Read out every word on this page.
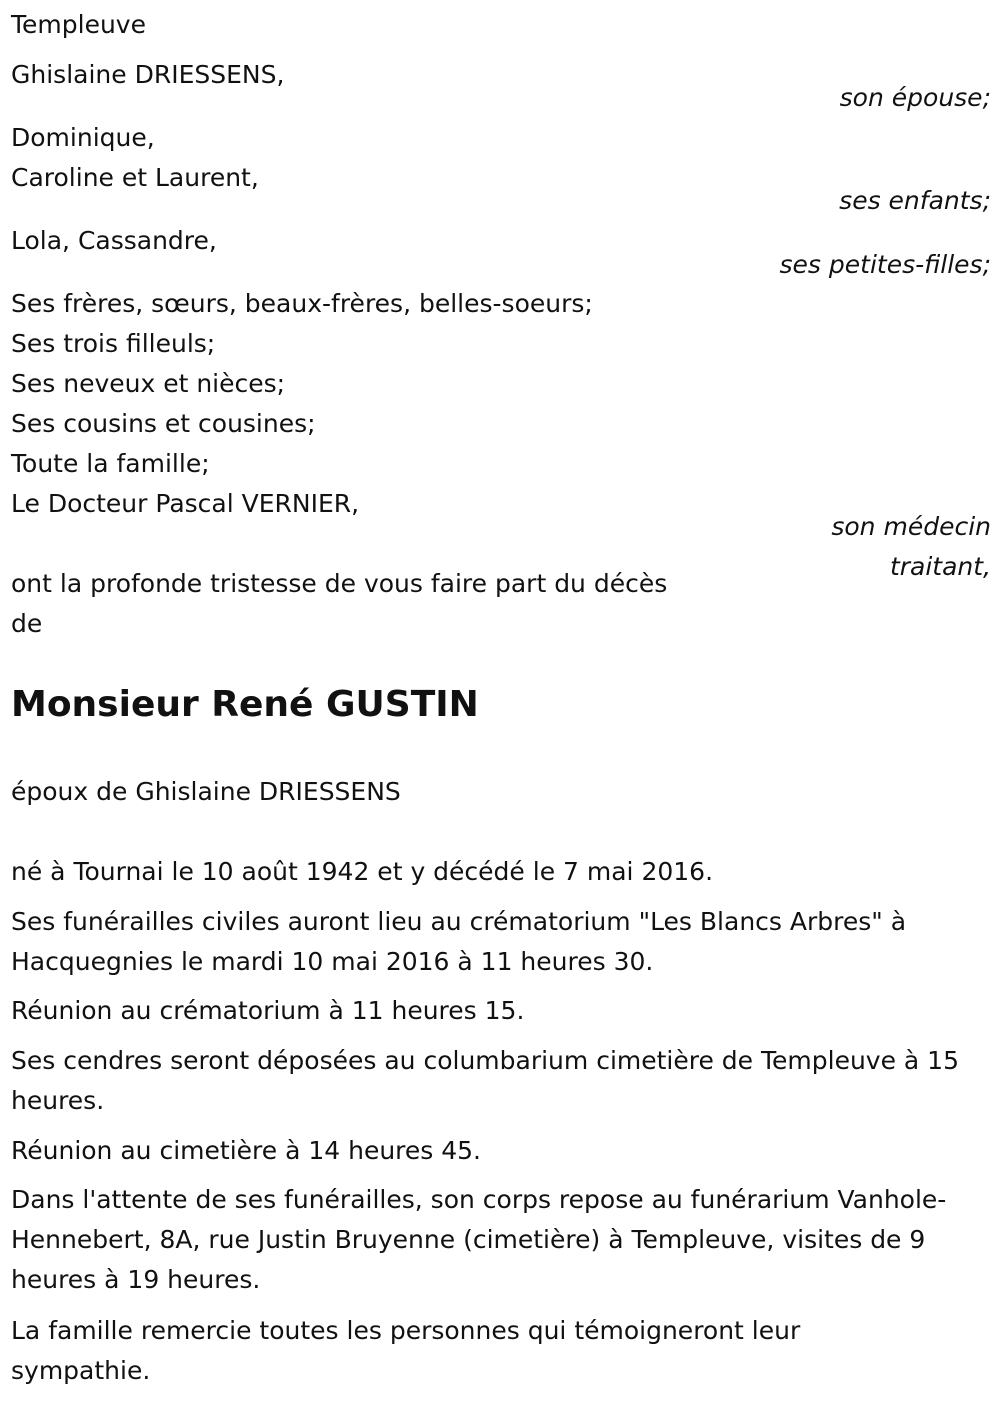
Templeuve

Ghislaine DRIESSENS,

son épouse;

Dominique,

Caroline et Laurent,

ses enfants;

Lola, Cassandre,

ses petites-filles;

Ses frères, sœurs, beaux-frères, belles-soeurs;

Ses trois filleuls;

Ses neveux et nièces;

Ses cousins et cousines;

Toute la famille;

Le Docteur Pascal VERNIER,

son médecin

traitant,

ont la profonde tristesse de vous faire part du décès

de

Monsieur René GUSTIN

époux de Ghislaine DRIESSENS

né à Tournai le 10 août 1942 et y décédé le 7 mai 2016.

Ses funérailles civiles auront lieu au crématorium "Les Blancs Arbres" à Hacquegnies le mardi 10 mai 2016 à 11 heures 30.

Réunion au crématorium à 11 heures 15.

Ses cendres seront déposées au columbarium cimetière de Templeuve à 15 heures.

Réunion au cimetière à 14 heures 45.

Dans l'attente de ses funérailles, son corps repose au funérarium Vanhole-Hennebert, 8A, rue Justin Bruyenne (cimetière) à Templeuve, visites de 9 heures à 19 heures.

La famille remercie toutes les personnes qui témoigneront leur sympathie.
